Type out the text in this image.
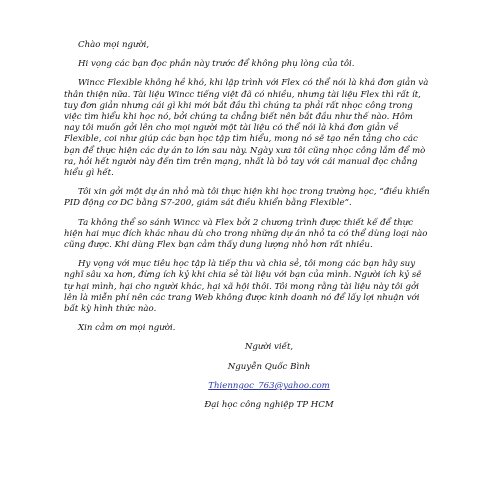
Chào mọi người,

Hi vọng các bạn đọc phần này trước để không phụ lòng của tôi.

Wincc Flexible không hề khó, khi lập trình với Flex có thể nói là khá đơn giản và thân thiện nữa. Tài liệu Wincc tiếng việt đã có nhiều, nhưng tài liệu Flex thì rất ít, tuy đơn giản nhưng cái gì khi mới bắt đầu thì chúng ta phải rất nhọc công trong việc tìm hiểu khi học nó, bởi chúng ta chẳng biết nên bắt đầu như thế nào. Hôm nay tôi muốn gởi lên cho mọi người một tài liệu có thể nói là khá đơn giản về Flexible, coi như giúp các bạn học tập tìm hiểu, mong nó sẽ tạo nền tảng cho các bạn để thực hiện các dự án to lớn sau này. Ngày xưa tôi cũng nhọc công lắm để mò ra, hỏi hết người này đến tìm trên mạng, nhất là bỏ tay với cái manual đọc chẳng hiểu gì hết.

Tôi xin gởi một dự án nhỏ mà tôi thực hiện khi học trong trường học, “điều khiển PID động cơ DC bằng S7-200, giám sát điều khiển bằng Flexible”.

Ta không thể so sánh Wincc và Flex bởi 2 chương trình được thiết kế để thực hiện hai mục đích khác nhau dù cho trong những dự án nhỏ ta có thể dùng loại nào cũng được. Khi dùng Flex bạn cảm thấy dung lượng nhỏ hơn rất nhiều.

Hy vọng với mục tiêu học tập là tiếp thu và chia sẻ, tôi mong các bạn hãy suy nghĩ sâu xa hơn, đừng ích kỷ khi chia sẻ tài liệu với bạn của mình. Người ích kỷ sẽ tự hại mình, hại cho người khác, hại xã hội thôi. Tôi mong rằng tài liệu này tôi gởi lên là miễn phí nên các trang Web không được kinh doanh nó để lấy lợi nhuận với bất kỳ hình thức nào.

Xin cảm ơn mọi người.

Người viết,

Nguyễn Quốc Bình

Thienngoc_763@yahoo.com

Đại học công nghiệp TP HCM
